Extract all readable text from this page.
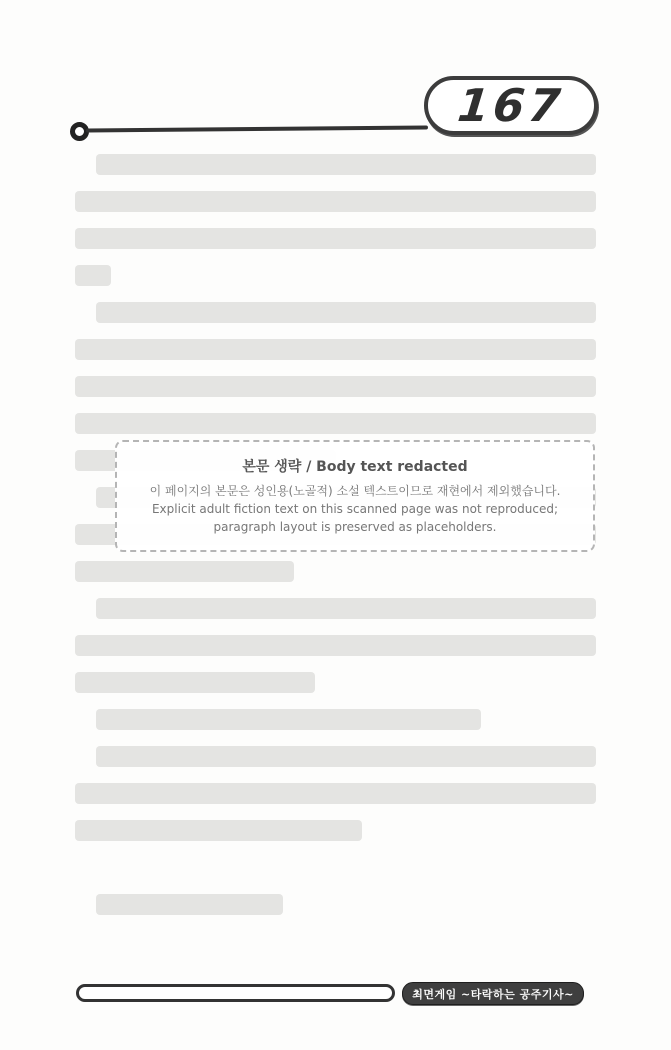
167
본문 생략 / Body text redacted
이 페이지의 본문은 성인용(노골적) 소설 텍스트이므로 재현에서 제외했습니다.
Explicit adult fiction text on this scanned page was not reproduced; paragraph layout is preserved as placeholders.
최면게임 ~타락하는 공주기사~
